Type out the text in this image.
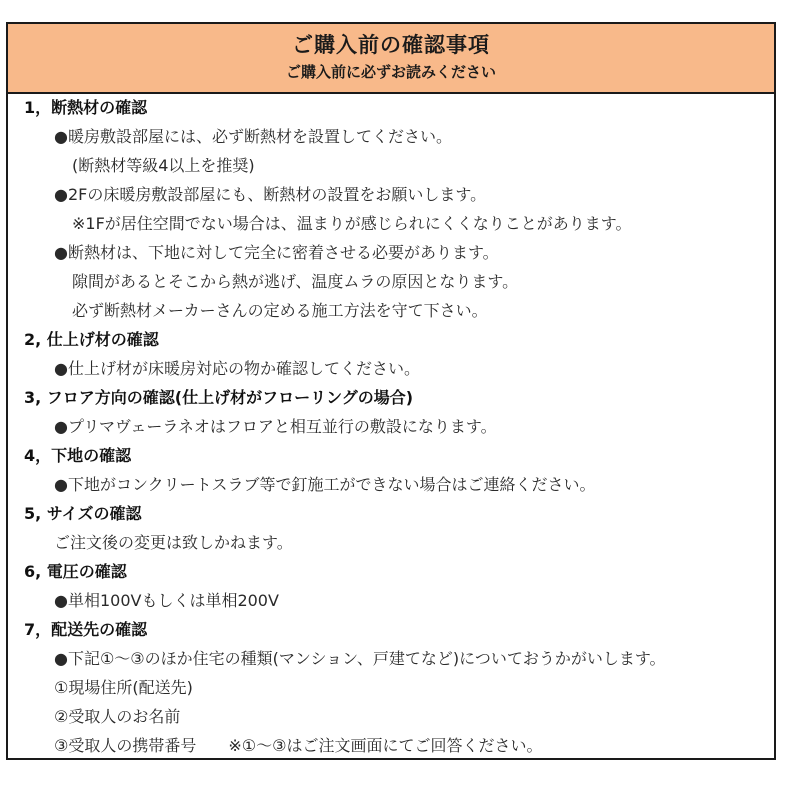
ご購入前の確認事項
ご購入前に必ずお読みください
1，断熱材の確認
●暖房敷設部屋には、必ず断熱材を設置してください。
(断熱材等級4以上を推奨)
●2Fの床暖房敷設部屋にも、断熱材の設置をお願いします。
※1Fが居住空間でない場合は、温まりが感じられにくくなりことがあります。
●断熱材は、下地に対して完全に密着させる必要があります。
隙間があるとそこから熱が逃げ、温度ムラの原因となります。
必ず断熱材メーカーさんの定める施工方法を守て下さい。
2, 仕上げ材の確認
●仕上げ材が床暖房対応の物か確認してください。
3, フロア方向の確認(仕上げ材がフローリングの場合)
●プリマヴェーラネオはフロアと相互並行の敷設になります。
4，下地の確認
●下地がコンクリートスラブ等で釘施工ができない場合はご連絡ください。
5, サイズの確認
ご注文後の変更は致しかねます。
6, 電圧の確認
●単相100Vもしくは単相200V
7，配送先の確認
●下記①～③のほか住宅の種類(マンション、戸建てなど)についておうかがいします。
①現場住所(配送先)
②受取人のお名前
③受取人の携帯番号　　※①～③はご注文画面にてご回答ください。
